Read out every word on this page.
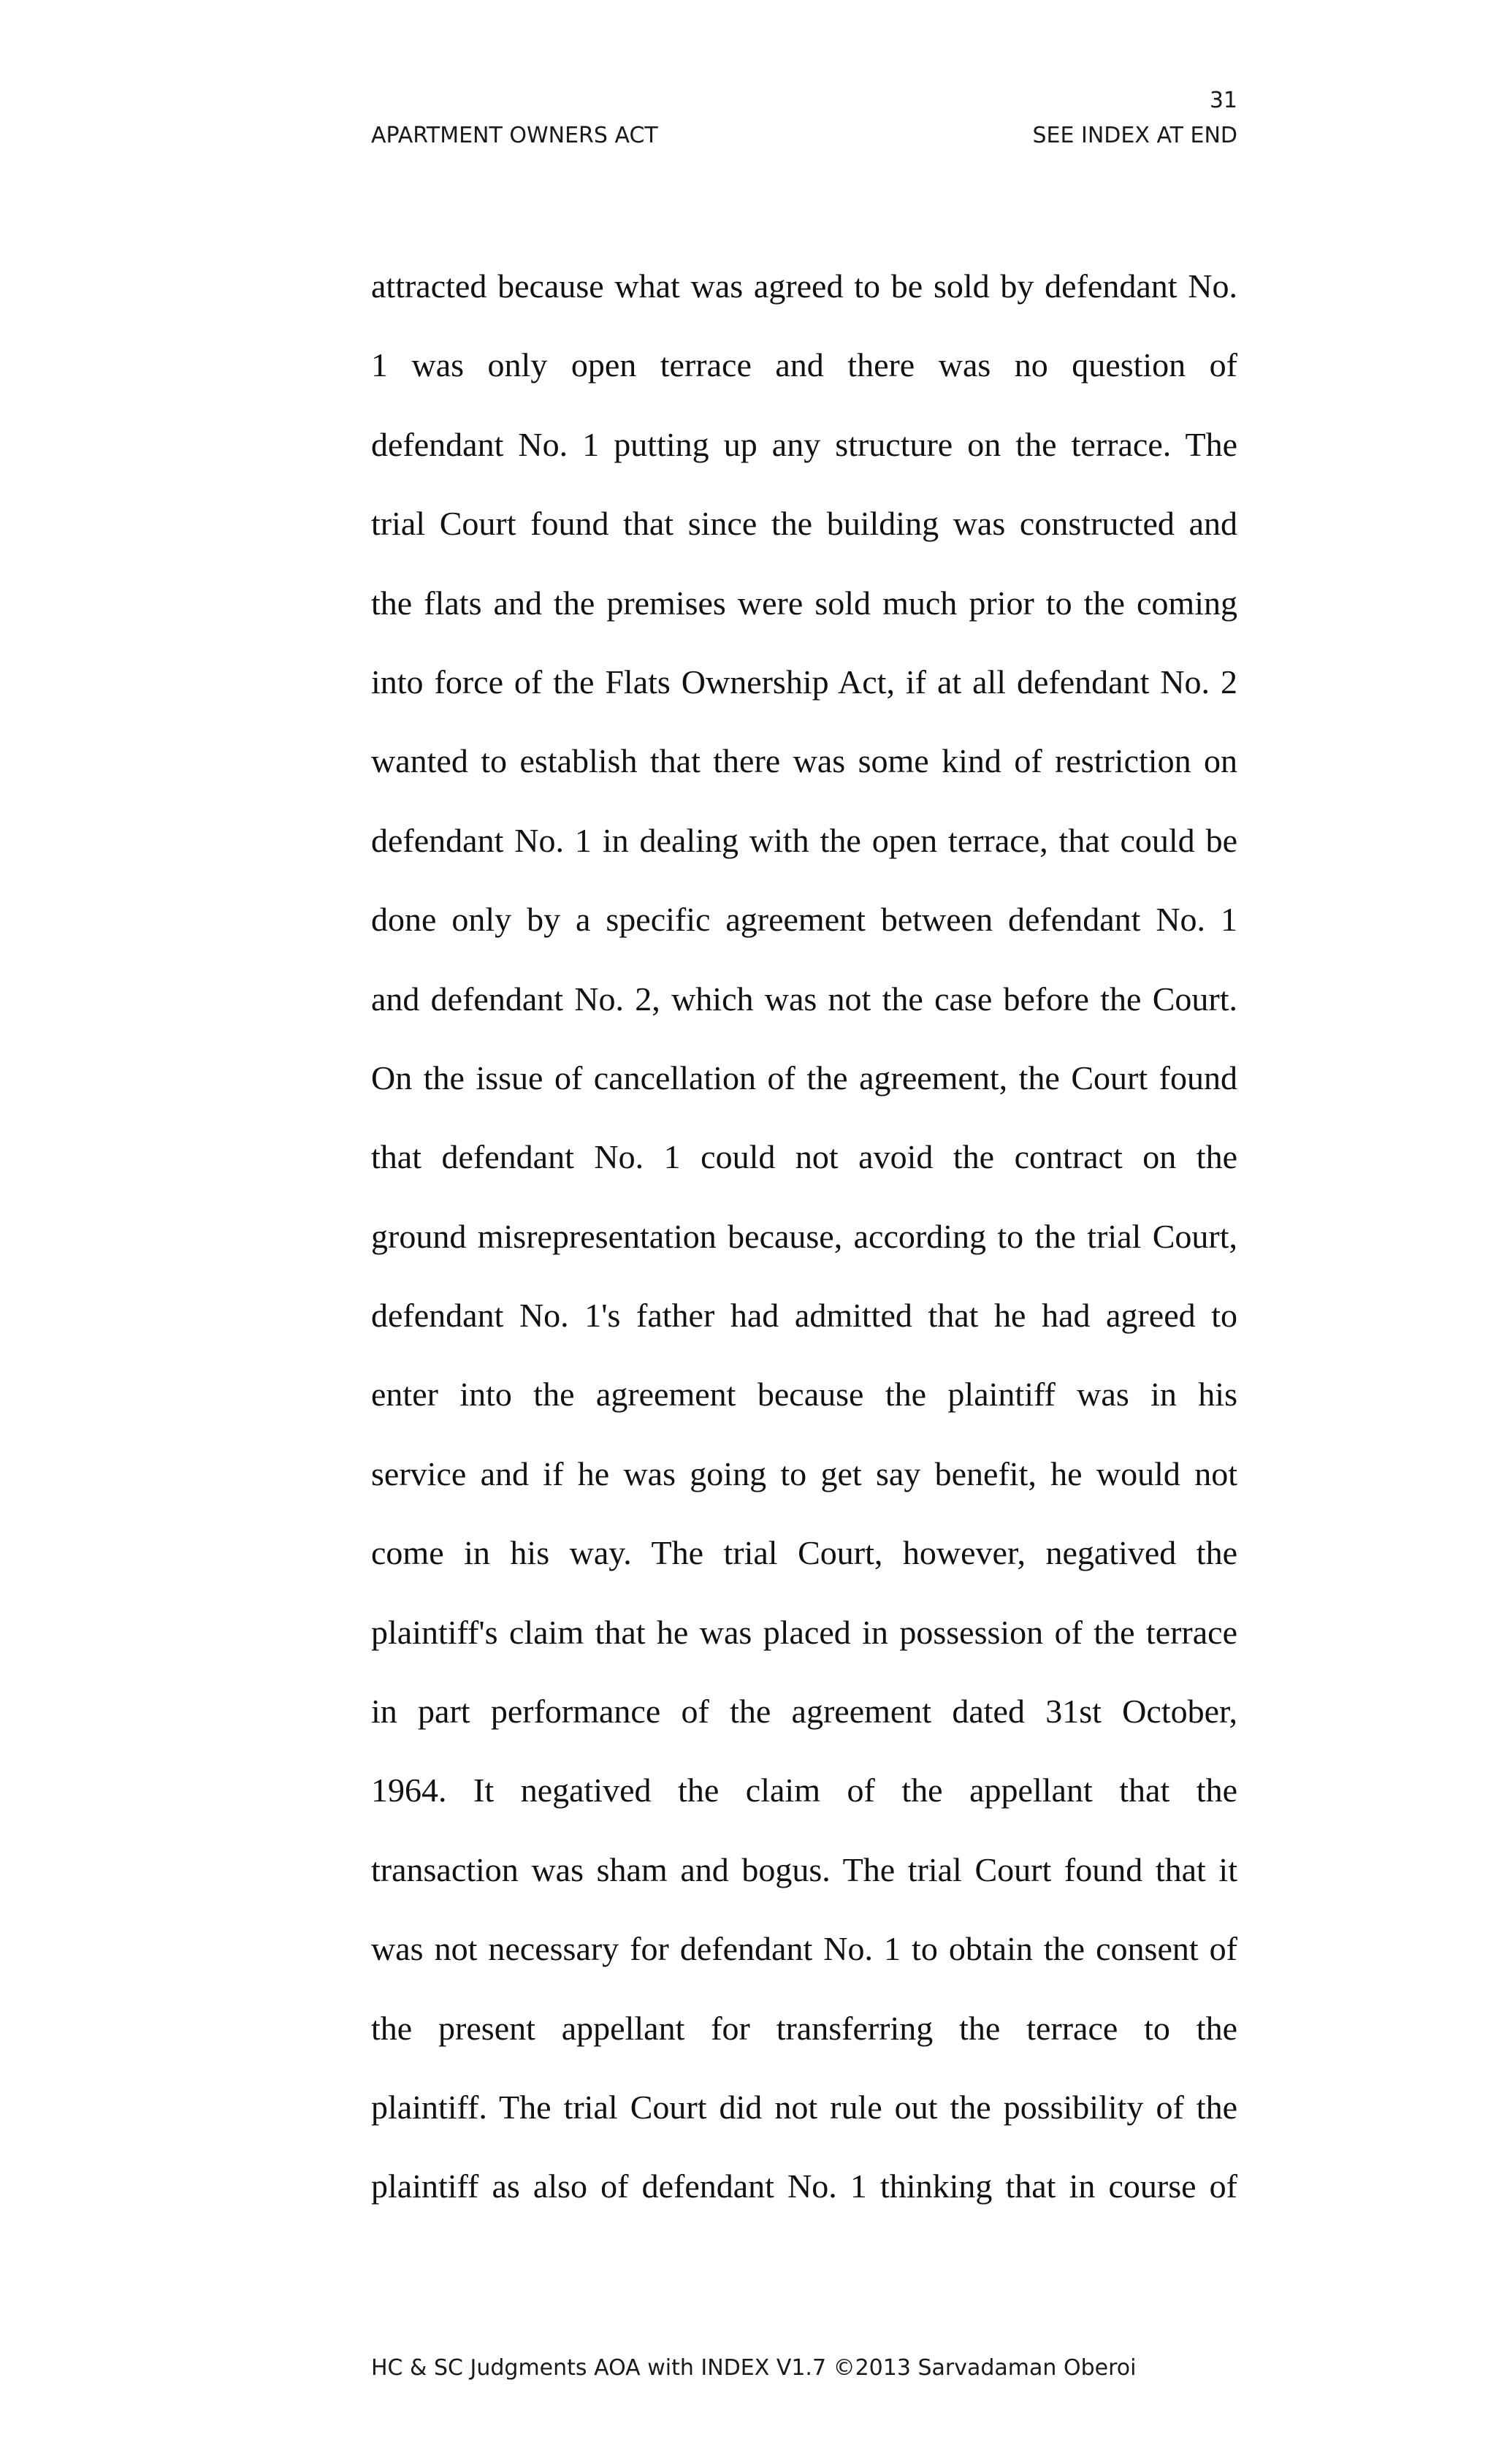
31
APARTMENT OWNERS ACT	SEE INDEX AT END
attracted because what was agreed to be sold by defendant No.
1 was only open terrace and there was no question of
defendant No. 1 putting up any structure on the terrace. The
trial Court found that since the building was constructed and
the flats and the premises were sold much prior to the coming
into force of the Flats Ownership Act, if at all defendant No. 2
wanted to establish that there was some kind of restriction on
defendant No. 1 in dealing with the open terrace, that could be
done only by a specific agreement between defendant No. 1
and defendant No. 2, which was not the case before the Court.
On the issue of cancellation of the agreement, the Court found
that defendant No. 1 could not avoid the contract on the
ground misrepresentation because, according to the trial Court,
defendant No. 1's father had admitted that he had agreed to
enter into the agreement because the plaintiff was in his
service and if he was going to get say benefit, he would not
come in his way. The trial Court, however, negatived the
plaintiff's claim that he was placed in possession of the terrace
in part performance of the agreement dated 31st October,
1964. It negatived the claim of the appellant that the
transaction was sham and bogus. The trial Court found that it
was not necessary for defendant No. 1 to obtain the consent of
the present appellant for transferring the terrace to the
plaintiff. The trial Court did not rule out the possibility of the
plaintiff as also of defendant No. 1 thinking that in course of
HC & SC Judgments AOA with INDEX V1.7 ©2013 Sarvadaman Oberoi
